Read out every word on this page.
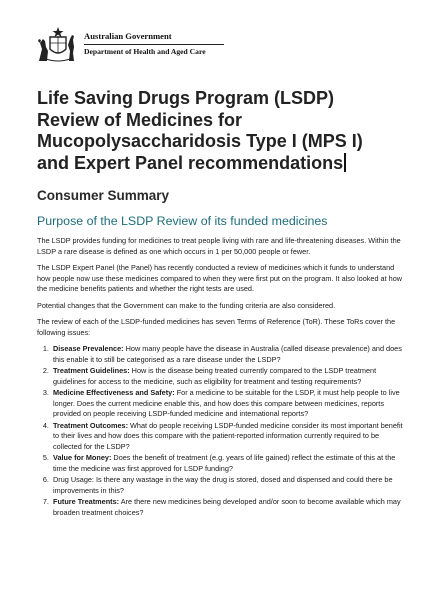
Australian Government
Department of Health and Aged Care
Life Saving Drugs Program (LSDP) Review of Medicines for Mucopolysaccharidosis Type I (MPS I) and Expert Panel recommendations
Consumer Summary
Purpose of the LSDP Review of its funded medicines

The LSDP provides funding for medicines to treat people living with rare and life-threatening diseases. Within the LSDP a rare disease is defined as one which occurs in 1 per 50,000 people or fewer.

The LSDP Expert Panel (the Panel) has recently conducted a review of medicines which it funds to understand how people now use these medicines compared to when they were first put on the program. It also looked at how the medicine benefits patients and whether the right tests are used.

Potential changes that the Government can make to the funding criteria are also considered.

The review of each of the LSDP-funded medicines has seven Terms of Reference (ToR). These ToRs cover the following issues:

1. Disease Prevalence: How many people have the disease in Australia (called disease prevalence) and does this enable it to still be categorised as a rare disease under the LSDP?
2. Treatment Guidelines: How is the disease being treated currently compared to the LSDP treatment guidelines for access to the medicine, such as eligibility for treatment and testing requirements?
3. Medicine Effectiveness and Safety: For a medicine to be suitable for the LSDP, it must help people to live longer. Does the current medicine enable this, and how does this compare between medicines, reports provided on people receiving LSDP-funded medicine and international reports?
4. Treatment Outcomes: What do people receiving LSDP-funded medicine consider its most important benefit to their lives and how does this compare with the patient-reported information currently required to be collected for the LSDP?
5. Value for Money: Does the benefit of treatment (e.g. years of life gained) reflect the estimate of this at the time the medicine was first approved for LSDP funding?
6. Drug Usage: Is there any wastage in the way the drug is stored, dosed and dispensed and could there be improvements in this?
7. Future Treatments: Are there new medicines being developed and/or soon to become available which may broaden treatment choices?
